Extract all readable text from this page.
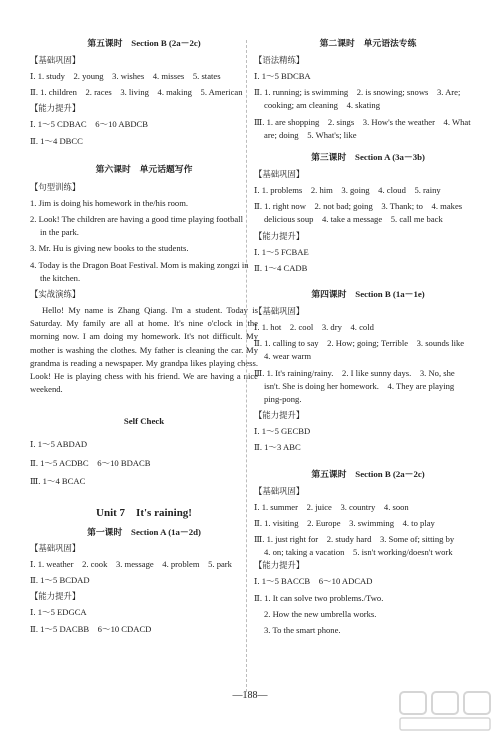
第五课时　Section B (2a－2c)
【基础巩固】
Ⅰ. 1. study　2. young　3. wishes　4. misses　5. states
Ⅱ. 1. children　2. races　3. living　4. making　5. American
【能力提升】
Ⅰ. 1～5 CDBAC　6～10 ABDCB
Ⅱ. 1～4 DBCC
第六课时　单元话题写作
【句型训练】
1. Jim is doing his homework in the/his room.
2. Look! The children are having a good time playing football
in the park.
3. Mr. Hu is giving new books to the students.
4. Today is the Dragon Boat Festival. Mom is making zongzi in
the kitchen.
【实战演练】
Hello! My name is Zhang Qiang. I'm a student. Today is Saturday. My family are all at home. It's nine o'clock in the morning now. I am doing my homework. It's not difficult. My mother is washing the clothes. My father is cleaning the car. My grandma is reading a newspaper. My grandpa likes playing chess. Look! He is playing chess with his friend. We are having a nice weekend.
Self Check
Ⅰ. 1～5 ABDAD
Ⅱ. 1～5 ACDBC　6～10 BDACB
Ⅲ. 1～4 BCAC
Unit 7　It's raining!
第一课时　Section A (1a－2d)
【基础巩固】
Ⅰ. 1. weather　2. cook　3. message　4. problem　5. park
Ⅱ. 1～5 BCDAD
【能力提升】
Ⅰ. 1～5 EDGCA
Ⅱ. 1～5 DACBB　6～10 CDACD
第二课时　单元语法专练
【语法精练】
Ⅰ. 1～5 BDCBA
Ⅱ. 1. running; is swimming　2. is snowing; snows　3. Are;
cooking; am cleaning　4. skating
Ⅲ. 1. are shopping　2. sings　3. How's the weather　4. What
are; doing　5. What's; like
第三课时　Section A (3a－3b)
【基础巩固】
Ⅰ. 1. problems　2. him　3. going　4. cloud　5. rainy
Ⅱ. 1. right now　2. not bad; going　3. Thank; to　4. makes
delicious soup　4. take a message　5. call me back
【能力提升】
Ⅰ. 1～5 FCBAE
Ⅱ. 1～4 CADB
第四课时　Section B (1a－1e)
【基础巩固】
Ⅰ. 1. hot　2. cool　3. dry　4. cold
Ⅱ. 1. calling to say　2. How; going; Terrible　3. sounds like
4. wear warm
Ⅲ. 1. It's raining/rainy.　2. I like sunny days.　3. No, she
isn't. She is doing her homework.　4. They are playing
ping-pong.
【能力提升】
Ⅰ. 1～5 GECBD
Ⅱ. 1～3 ABC
第五课时　Section B (2a－2c)
【基础巩固】
Ⅰ. 1. summer　2. juice　3. country　4. soon
Ⅱ. 1. visiting　2. Europe　3. swimming　4. to play
Ⅲ. 1. just right for　2. study hard　3. Some of; sitting by
4. on; taking a vacation　5. isn't working/doesn't work
【能力提升】
Ⅰ. 1～5 BACCB　6～10 ADCAD
Ⅱ. 1. It can solve two problems./Two.
2. How the new umbrella works.
3. To the smart phone.
—188—
